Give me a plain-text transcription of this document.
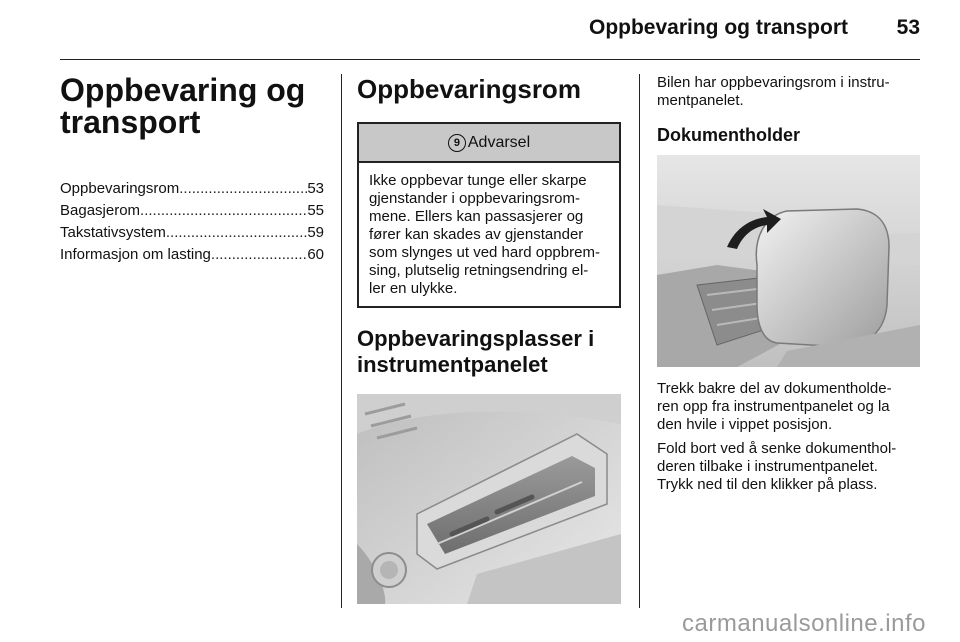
Oppbevaring og transport 53
Oppbevaring og
transport
Oppbevaringsrom .....	53
Bagasjerom .....	55
Takstativsystem .....	59
Informasjon om lasting .....	60
Oppbevaringsrom
9 Advarsel
Ikke oppbevar tunge eller skarpe
gjenstander i oppbevaringsrom-
mene. Ellers kan passasjerer og
fører kan skades av gjenstander
som slynges ut ved hard oppbrem-
sing, plutselig retningsendring el-
ler en ulykke.
Oppbevaringsplasser i
instrumentpanelet

Bilen har oppbevaringsrom i instru-
mentpanelet.

Dokumentholder

Trekk bakre del av dokumentholde-
ren opp fra instrumentpanelet og la
den hvile i vippet posisjon.

Fold bort ved å senke dokumenthol-
deren tilbake i instrumentpanelet.
Trykk ned til den klikker på plass.

carmanualsonline.info
